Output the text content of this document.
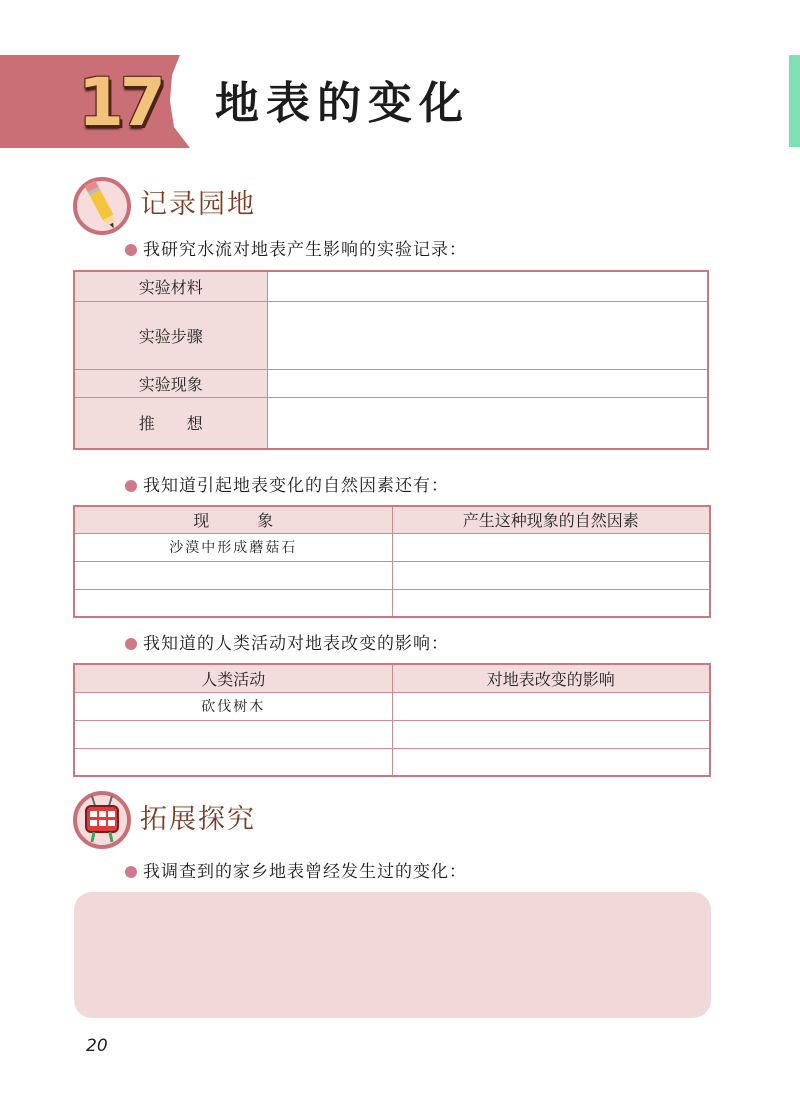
17 地表的变化
记录园地
我研究水流对地表产生影响的实验记录：
实验材料	
实验步骤	
实验现象	
推　　想	
我知道引起地表变化的自然因素还有：
现　　　象	产生这种现象的自然因素
沙漠中形成蘑菇石	

我知道的人类活动对地表改变的影响：
人类活动	对地表改变的影响
砍伐树木	

拓展探究
我调查到的家乡地表曾经发生过的变化：
20
